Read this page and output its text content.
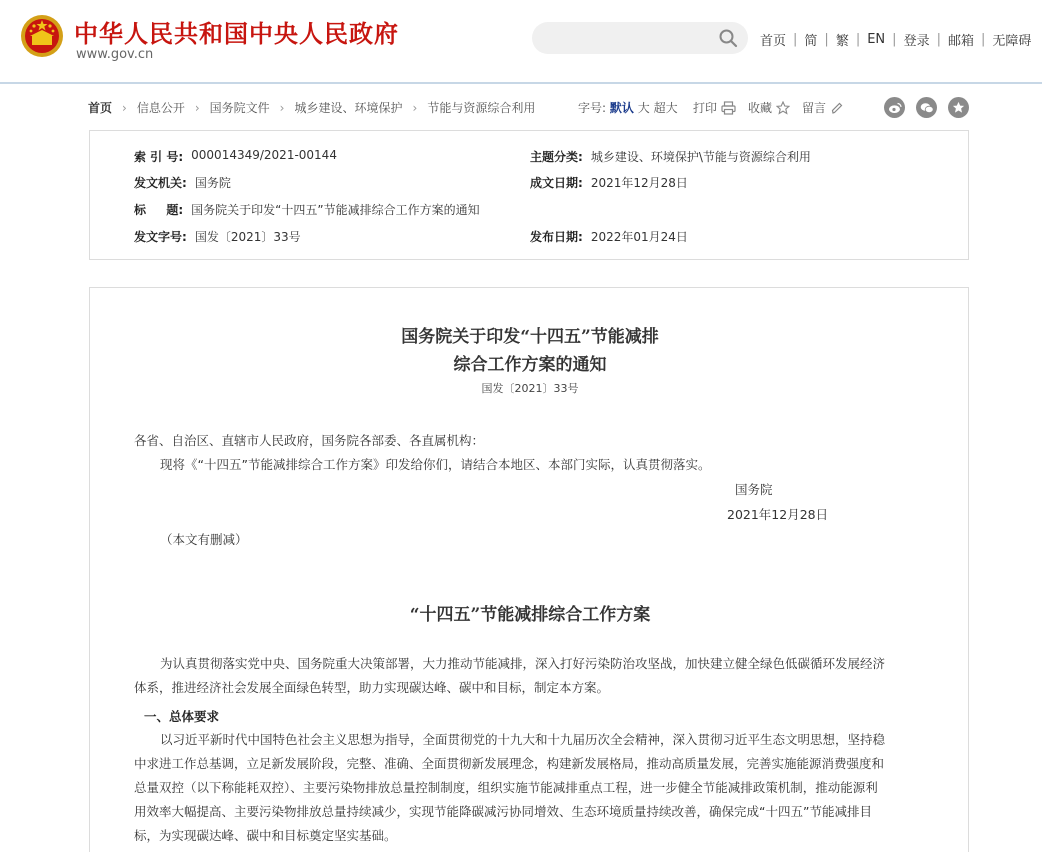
中华人民共和国中央人民政府
www.gov.cn
首页 | 简 | 繁 | EN | 登录 | 邮箱 | 无障碍
首页 › 信息公开 › 国务院文件 › 城乡建设、环境保护 › 节能与资源综合利用	字号: 默认 大 超大 打印	收藏	留言
索 引 号: 000014349/2021-00144	主题分类: 城乡建设、环境保护\节能与资源综合利用
发文机关: 国务院	成文日期: 2021年12月28日
标 　 题: 国务院关于印发“十四五”节能减排综合工作方案的通知
发文字号: 国发〔2021〕33号	发布日期: 2022年01月24日
国务院关于印发“十四五”节能减排
综合工作方案的通知
国发〔2021〕33号
各省、自治区、直辖市人民政府，国务院各部委、各直属机构：
现将《“十四五”节能减排综合工作方案》印发给你们，请结合本地区、本部门实际，认真贯彻落实。
国务院
2021年12月28日
（本文有删减）
“十四五”节能减排综合工作方案
为认真贯彻落实党中央、国务院重大决策部署，大力推动节能减排，深入打好污染防治攻坚战，加快建立健全绿色低碳循环发展经济
体系，推进经济社会发展全面绿色转型，助力实现碳达峰、碳中和目标，制定本方案。
一、总体要求
以习近平新时代中国特色社会主义思想为指导，全面贯彻党的十九大和十九届历次全会精神，深入贯彻习近平生态文明思想，坚持稳
中求进工作总基调，立足新发展阶段，完整、准确、全面贯彻新发展理念，构建新发展格局，推动高质量发展，完善实施能源消费强度和
总量双控（以下称能耗双控）、主要污染物排放总量控制制度，组织实施节能减排重点工程，进一步健全节能减排政策机制，推动能源利
用效率大幅提高、主要污染物排放总量持续减少，实现节能降碳减污协同增效、生态环境质量持续改善，确保完成“十四五”节能减排目
标，为实现碳达峰、碳中和目标奠定坚实基础。
